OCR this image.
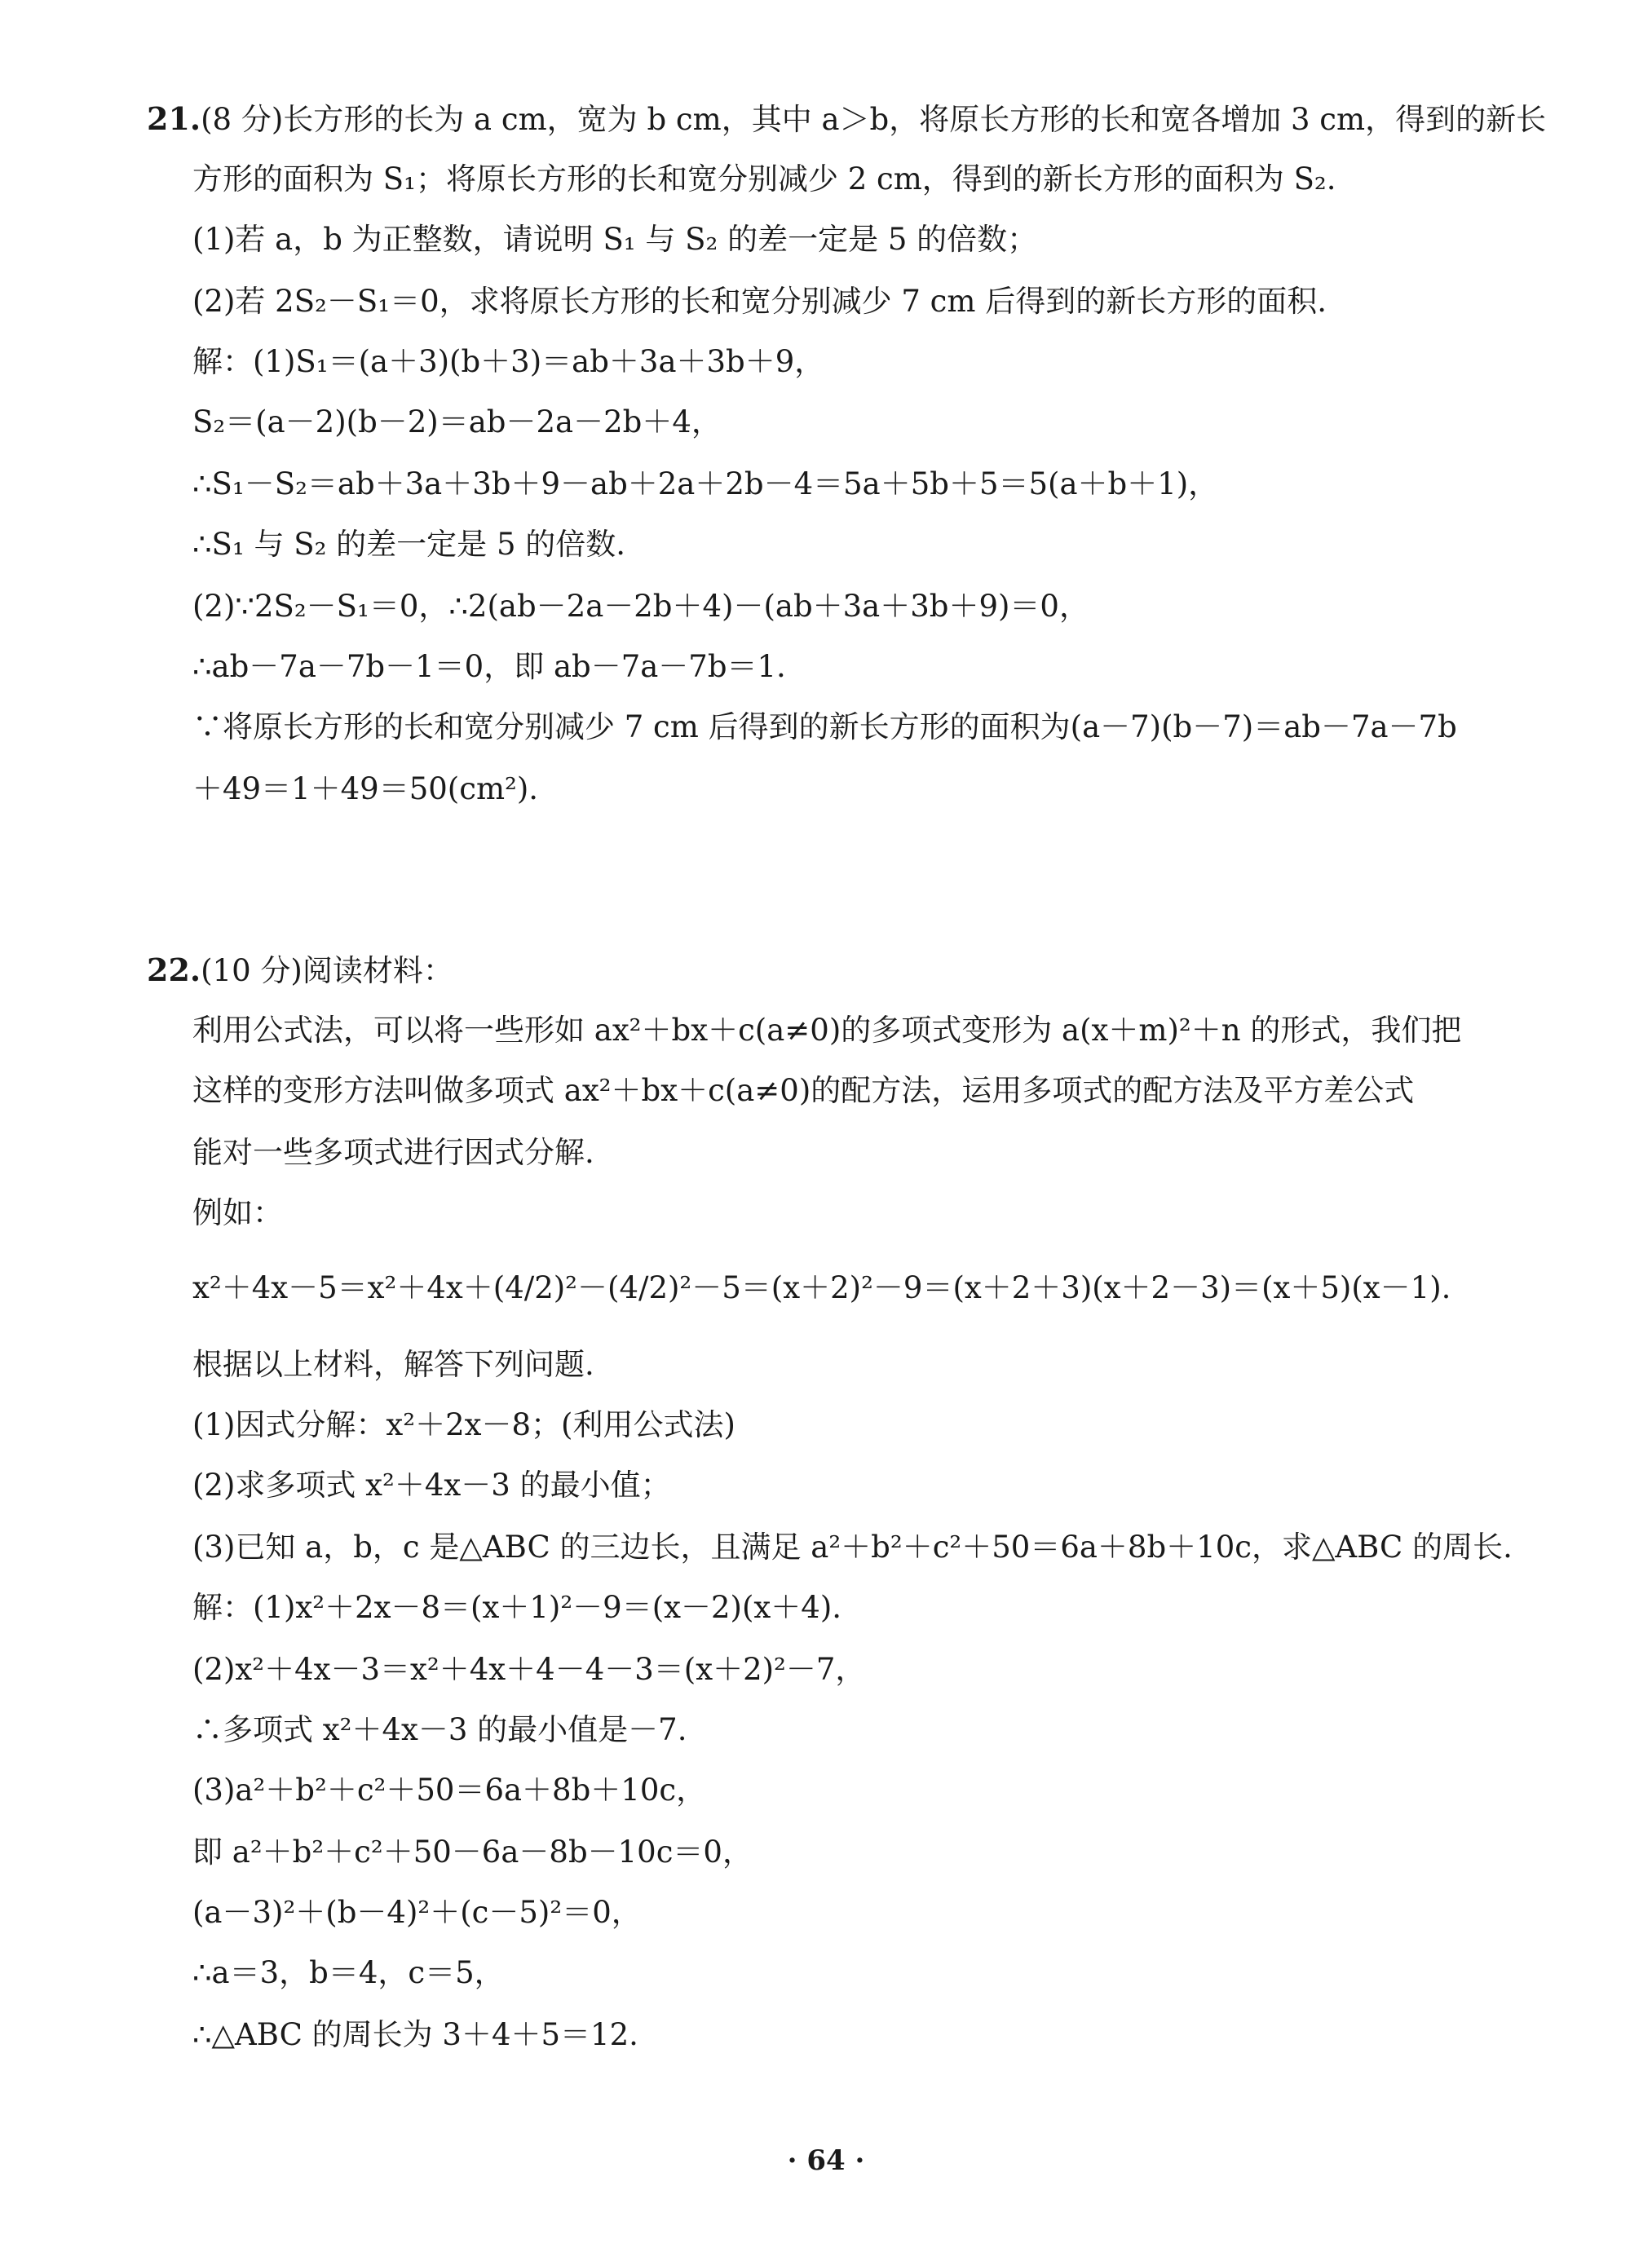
21.(8 分)长方形的长为 a cm，宽为 b cm，其中 a＞b，将原长方形的长和宽各增加 3 cm，得到的新长
方形的面积为 S₁；将原长方形的长和宽分别减少 2 cm，得到的新长方形的面积为 S₂.
(1)若 a，b 为正整数，请说明 S₁ 与 S₂ 的差一定是 5 的倍数；
(2)若 2S₂－S₁＝0，求将原长方形的长和宽分别减少 7 cm 后得到的新长方形的面积.
解：(1)S₁＝(a＋3)(b＋3)＝ab＋3a＋3b＋9，
S₂＝(a－2)(b－2)＝ab－2a－2b＋4，
∴S₁－S₂＝ab＋3a＋3b＋9－ab＋2a＋2b－4＝5a＋5b＋5＝5(a＋b＋1)，
∴S₁ 与 S₂ 的差一定是 5 的倍数.
(2)∵2S₂－S₁＝0，∴2(ab－2a－2b＋4)－(ab＋3a＋3b＋9)＝0，
∴ab－7a－7b－1＝0，即 ab－7a－7b＝1.
∵将原长方形的长和宽分别减少 7 cm 后得到的新长方形的面积为(a－7)(b－7)＝ab－7a－7b
＋49＝1＋49＝50(cm²).
22.(10 分)阅读材料：
利用公式法，可以将一些形如 ax²＋bx＋c(a≠0)的多项式变形为 a(x＋m)²＋n 的形式，我们把
这样的变形方法叫做多项式 ax²＋bx＋c(a≠0)的配方法，运用多项式的配方法及平方差公式
能对一些多项式进行因式分解.
例如：
x²＋4x－5＝x²＋4x＋(4/2)²－(4/2)²－5＝(x＋2)²－9＝(x＋2＋3)(x＋2－3)＝(x＋5)(x－1).
根据以上材料，解答下列问题.
(1)因式分解：x²＋2x－8；(利用公式法)
(2)求多项式 x²＋4x－3 的最小值；
(3)已知 a，b，c 是△ABC 的三边长，且满足 a²＋b²＋c²＋50＝6a＋8b＋10c，求△ABC 的周长.
解：(1)x²＋2x－8＝(x＋1)²－9＝(x－2)(x＋4).
(2)x²＋4x－3＝x²＋4x＋4－4－3＝(x＋2)²－7，
∴多项式 x²＋4x－3 的最小值是－7.
(3)a²＋b²＋c²＋50＝6a＋8b＋10c，
即 a²＋b²＋c²＋50－6a－8b－10c＝0，
(a－3)²＋(b－4)²＋(c－5)²＝0，
∴a＝3，b＝4，c＝5，
∴△ABC 的周长为 3＋4＋5＝12.
· 64 ·
